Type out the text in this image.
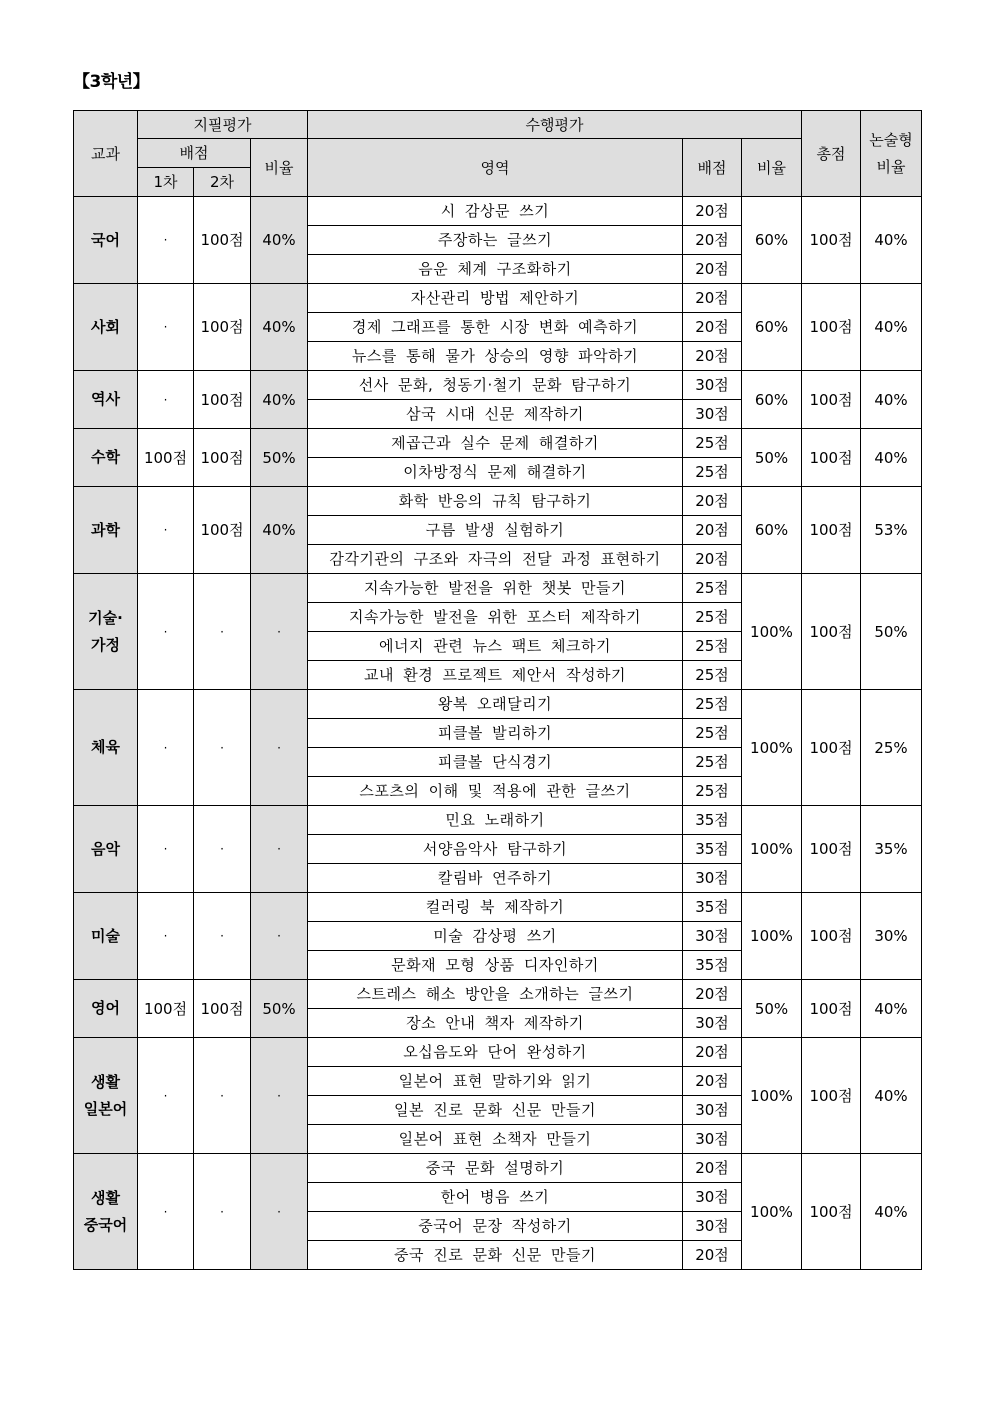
【3학년】
교과	지필평가			수행평가			총점	논술형
비율
	배점		비율	영역	배점	비율		
	1차	2차						
국어	·	100점	40%	시 감상문 쓰기	20점	60%	100점	40%
				주장하는 글쓰기	20점			
				음운 체계 구조화하기	20점			
사회	·	100점	40%	자산관리 방법 제안하기	20점	60%	100점	40%
				경제 그래프를 통한 시장 변화 예측하기	20점			
				뉴스를 통해 물가 상승의 영향 파악하기	20점			
역사	·	100점	40%	선사 문화, 청동기·철기 문화 탐구하기	30점	60%	100점	40%
				삼국 시대 신문 제작하기	30점			
수학	100점	100점	50%	제곱근과 실수 문제 해결하기	25점	50%	100점	40%
				이차방정식 문제 해결하기	25점			
과학	·	100점	40%	화학 반응의 규칙 탐구하기	20점	60%	100점	53%
				구름 발생 실험하기	20점			
				감각기관의 구조와 자극의 전달 과정 표현하기	20점			
기술·
가정	·	·	·	지속가능한 발전을 위한 챗봇 만들기	25점	100%	100점	50%
				지속가능한 발전을 위한 포스터 제작하기	25점			
				에너지 관련 뉴스 팩트 체크하기	25점			
				교내 환경 프로젝트 제안서 작성하기	25점			
체육	·	·	·	왕복 오래달리기	25점	100%	100점	25%
				피클볼 발리하기	25점			
				피클볼 단식경기	25점			
				스포츠의 이해 및 적용에 관한 글쓰기	25점			
음악	·	·	·	민요 노래하기	35점	100%	100점	35%
				서양음악사 탐구하기	35점			
				칼림바 연주하기	30점			
미술	·	·	·	컬러링 북 제작하기	35점	100%	100점	30%
				미술 감상평 쓰기	30점			
				문화재 모형 상품 디자인하기	35점			
영어	100점	100점	50%	스트레스 해소 방안을 소개하는 글쓰기	20점	50%	100점	40%
				장소 안내 책자 제작하기	30점			
생활
일본어	·	·	·	오십음도와 단어 완성하기	20점	100%	100점	40%
				일본어 표현 말하기와 읽기	20점			
				일본 진로 문화 신문 만들기	30점			
				일본어 표현 소책자 만들기	30점			
생활
중국어	·	·	·	중국 문화 설명하기	20점	100%	100점	40%
				한어 병음 쓰기	30점			
				중국어 문장 작성하기	30점			
				중국 진로 문화 신문 만들기	20점			
